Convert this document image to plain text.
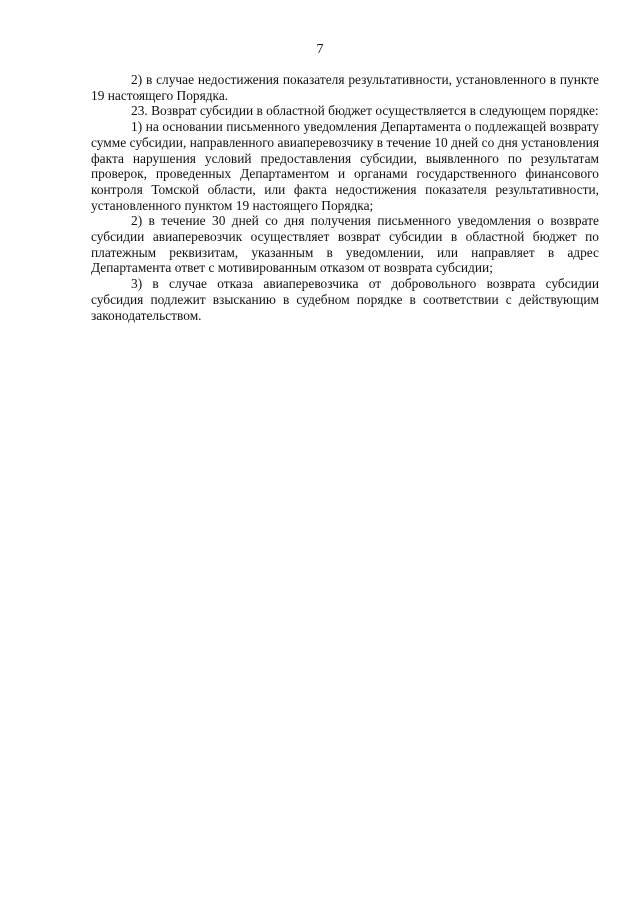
7

2) в случае недостижения показателя результативности, установленного в пункте 19 настоящего Порядка.

23. Возврат субсидии в областной бюджет осуществляется в следующем порядке:

1) на основании письменного уведомления Департамента о подлежащей возврату сумме субсидии, направленного авиаперевозчику в течение 10 дней со дня установления факта нарушения условий предоставления субсидии, выявленного по результатам проверок, проведенных Департаментом и органами государственного финансового контроля Томской области, или факта недостижения показателя результативности, установленного пунктом 19 настоящего Порядка;

2) в течение 30 дней со дня получения письменного уведомления о возврате субсидии авиаперевозчик осуществляет возврат субсидии в областной бюджет по платежным реквизитам, указанным в уведомлении, или направляет в адрес Департамента ответ с мотивированным отказом от возврата субсидии;

3) в случае отказа авиаперевозчика от добровольного возврата субсидии субсидия подлежит взысканию в судебном порядке в соответствии с действующим законодательством.
